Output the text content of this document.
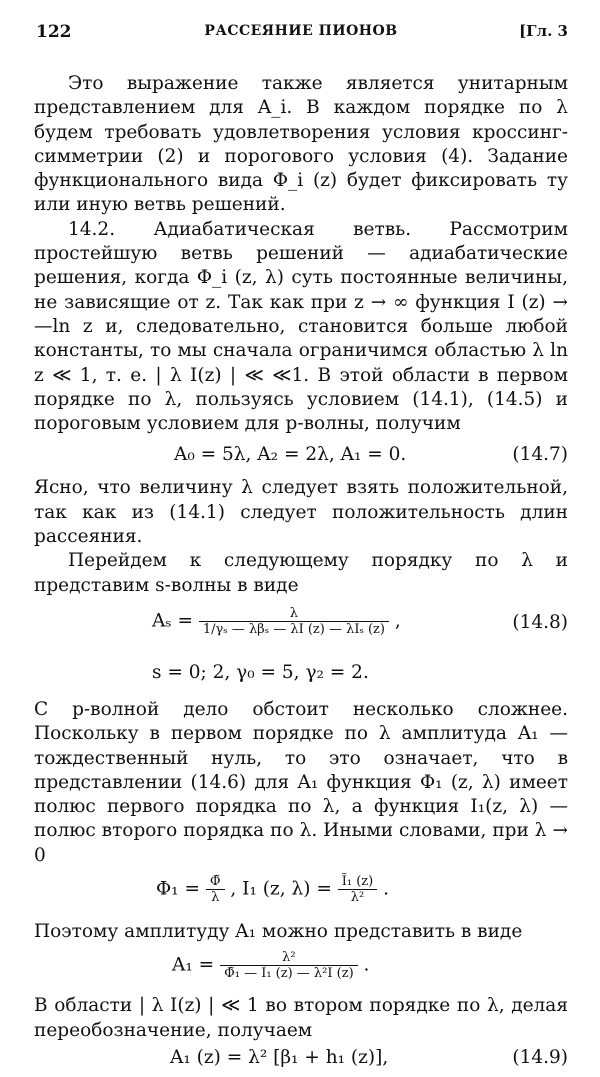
122	РАССЕЯНИЕ ПИОНОВ	[Гл. 3

Это выражение также является унитарным представлением для A_i. В каждом порядке по λ будем требовать удовлетворения условия кроссинг-симметрии (2) и порогового условия (4). Задание функционального вида Φ_i (z) будет фиксировать ту или иную ветвь решений.

14.2. Адиабатическая ветвь. Рассмотрим простейшую ветвь решений — адиабатические решения, когда Φ_i (z, λ) суть постоянные величины, не зависящие от z. Так как при z → ∞ функция I (z) → —ln z и, следовательно, становится больше любой константы, то мы сначала ограничимся областью λ ln z ≪ 1, т. е. | λ I(z) | ≪ ≪1. В этой области в первом порядке по λ, пользуясь условием (14.1), (14.5) и пороговым условием для p-волны, получим

A₀ = 5λ, A₂ = 2λ, A₁ = 0.	(14.7)

Ясно, что величину λ следует взять положительной, так как из (14.1) следует положительность длин рассеяния.

Перейдем к следующему порядку по λ и представим s-волны в виде

$A_s = \frac{\lambda}{\text{1/γₛ — λβₛ — λI (z) — λIₛ (z)}}$ ,	(14.8)
s = 0; 2, γ₀ = 5, γ₂ = 2.

С p-волной дело обстоит несколько сложнее. Поскольку в первом порядке по λ амплитуда A₁ — тождественный нуль, то это означает, что в представлении (14.6) для A₁ функция Φ₁ (z, λ) имеет полюс первого порядка по λ, а функция I₁(z, λ) — полюс второго порядка по λ. Иными словами, при λ → 0

$\Phi_1 = \frac{\Phĩ}{\lambda}$ , I₁ (z, $\lambda) = \frac{\text{Ĩ₁ (z)}}{\text{λ²}}$ .

Поэтому амплитуду A₁ можно представить в виде

$A_1 = \frac{\text{λ²}}{\text{Φ̃₁ — Ĩ₁ (z) — λ²I (z)}}$ .

В области | λ I(z) | ≪ 1 во втором порядке по λ, делая переобозначение, получаем

A₁ (z) = λ² [β₁ + h₁ (z)],	(14.9)
